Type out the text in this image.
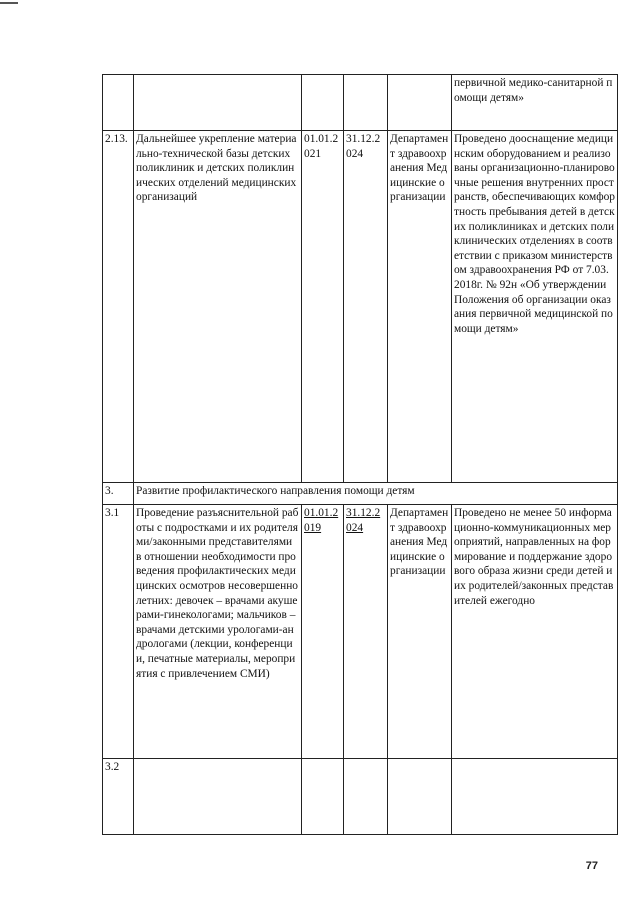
					первичной медико-санитарной помощи детям»
2.13.	Дальнейшее укрепление материально-технической базы детских поликлиник и детских поликлинических отделений медицинских организаций	01.01.2021	31.12.2024	Департамент здравоохранения Медицинские организации	Проведено дооснащение медицинским оборудованием и реализованы организационно-планировочные решения внутренних пространств, обеспечивающих комфортность пребывания детей в детских поликлиниках и детских поликлинических отделениях в соответствии с приказом министерством здравоохранения РФ от 7.03. 2018г. № 92н «Об утверждении Положения об организации оказания первичной медицинской помощи детям»
3.	Развитие профилактического направления помощи детям				
3.1	Проведение разъяснительной работы с подростками и их родителями/законными представителями в отношении необходимости проведения профилактических медицинских осмотров несовершеннолетних: девочек – врачами акушерами-гинекологами; мальчиков – врачами детскими урологами-андрологами (лекции, конференции, печатные материалы, мероприятия с привлечением СМИ)	01.01.2019	31.12.2024	Департамент здравоохранения Медицинские организации	Проведено не менее 50 информационно-коммуникационных мероприятий, направленных на формирование и поддержание здорового образа жизни среди детей и их родителей/законных представителей ежегодно
3.2					
77
